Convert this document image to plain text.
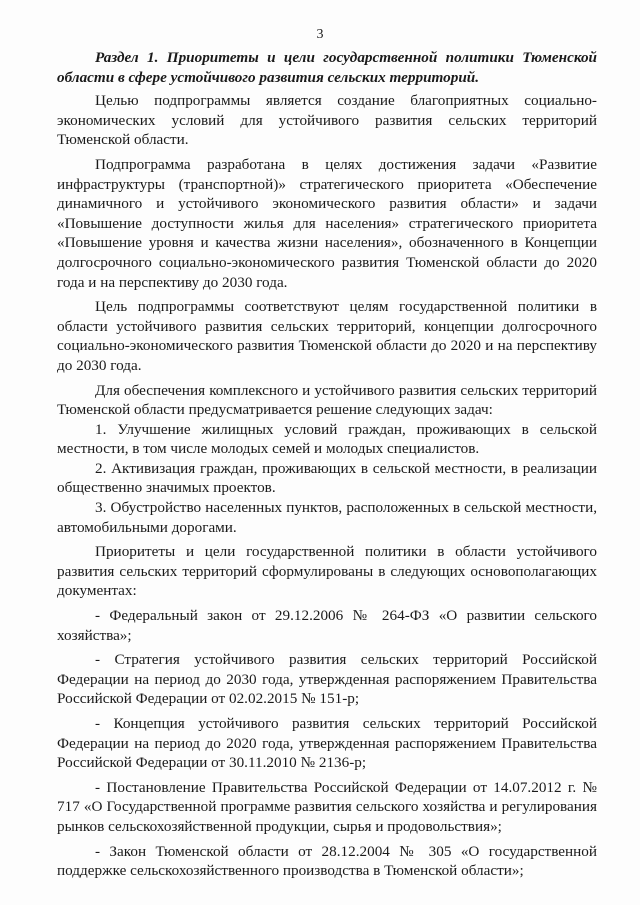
3
Раздел 1. Приоритеты и цели государственной политики Тюменской области в сфере устойчивого развития сельских территорий.

Целью подпрограммы является создание благоприятных социально-экономических условий для устойчивого развития сельских территорий Тюменской области.

Подпрограмма разработана в целях достижения задачи «Развитие инфраструктуры (транспортной)» стратегического приоритета «Обеспечение динамичного и устойчивого экономического развития области» и задачи «Повышение доступности жилья для населения» стратегического приоритета «Повышение уровня и качества жизни населения», обозначенного в Концепции долгосрочного социально-экономического развития Тюменской области до 2020 года и на перспективу до 2030 года.

Цель подпрограммы соответствуют целям государственной политики в области устойчивого развития сельских территорий, концепции долгосрочного социально-экономического развития Тюменской области до 2020 и на перспективу до 2030 года.

Для обеспечения комплексного и устойчивого развития сельских территорий Тюменской области предусматривается решение следующих задач:

1. Улучшение жилищных условий граждан, проживающих в сельской местности, в том числе молодых семей и молодых специалистов.

2. Активизация граждан, проживающих в сельской местности, в реализации общественно значимых проектов.

3. Обустройство населенных пунктов, расположенных в сельской местности, автомобильными дорогами.

Приоритеты и цели государственной политики в области устойчивого развития сельских территорий сформулированы в следующих основополагающих документах:

- Федеральный закон от 29.12.2006 № 264-ФЗ «О развитии сельского хозяйства»;

- Стратегия устойчивого развития сельских территорий Российской Федерации на период до 2030 года, утвержденная распоряжением Правительства Российской Федерации от 02.02.2015 № 151-р;

- Концепция устойчивого развития сельских территорий Российской Федерации на период до 2020 года, утвержденная распоряжением Правительства Российской Федерации от 30.11.2010 № 2136-р;

- Постановление Правительства Российской Федерации от 14.07.2012 г. № 717 «О Государственной программе развития сельского хозяйства и регулирования рынков сельскохозяйственной продукции, сырья и продовольствия»;

- Закон Тюменской области от 28.12.2004 № 305 «О государственной поддержке сельскохозяйственного производства в Тюменской области»;
